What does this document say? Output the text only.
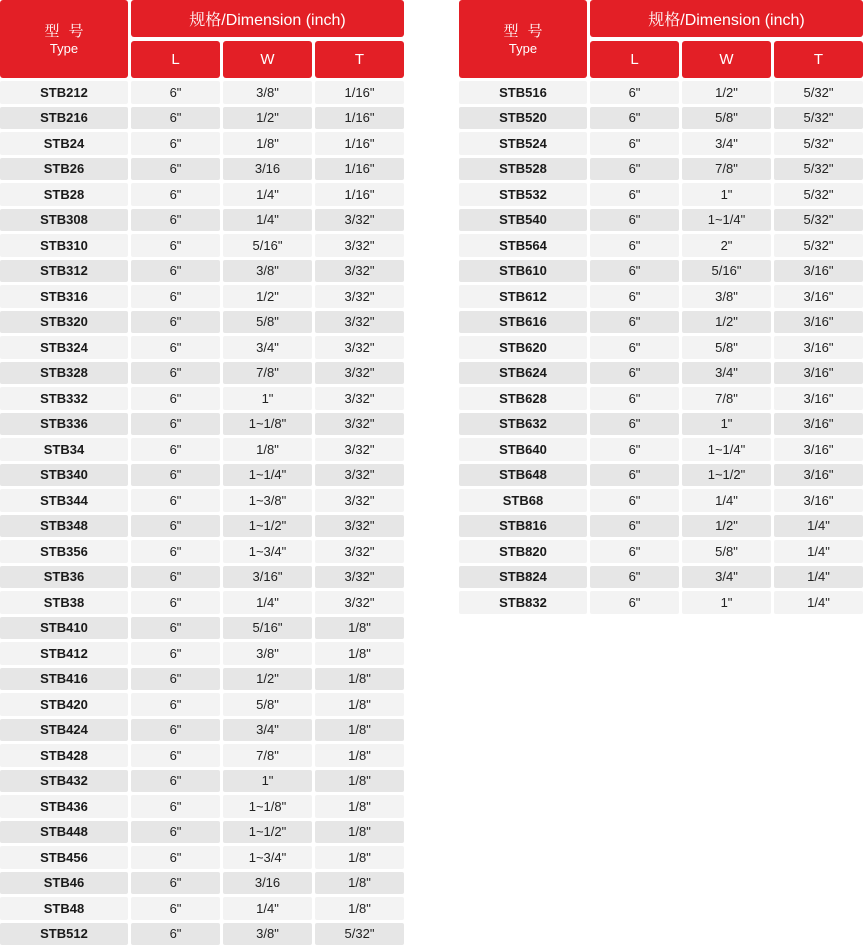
型号
Type
规格/Dimension (inch)
L	W	T
STB212	6"	3/8"	1/16"
STB216	6"	1/2"	1/16"
STB24	6"	1/8"	1/16"
STB26	6"	3/16	1/16"
STB28	6"	1/4"	1/16"
STB308	6"	1/4"	3/32"
STB310	6"	5/16"	3/32"
STB312	6"	3/8"	3/32"
STB316	6"	1/2"	3/32"
STB320	6"	5/8"	3/32"
STB324	6"	3/4"	3/32"
STB328	6"	7/8"	3/32"
STB332	6"	1"	3/32"
STB336	6"	1~1/8"	3/32"
STB34	6"	1/8"	3/32"
STB340	6"	1~1/4"	3/32"
STB344	6"	1~3/8"	3/32"
STB348	6"	1~1/2"	3/32"
STB356	6"	1~3/4"	3/32"
STB36	6"	3/16"	3/32"
STB38	6"	1/4"	3/32"
STB410	6"	5/16"	1/8"
STB412	6"	3/8"	1/8"
STB416	6"	1/2"	1/8"
STB420	6"	5/8"	1/8"
STB424	6"	3/4"	1/8"
STB428	6"	7/8"	1/8"
STB432	6"	1"	1/8"
STB436	6"	1~1/8"	1/8"
STB448	6"	1~1/2"	1/8"
STB456	6"	1~3/4"	1/8"
STB46	6"	3/16	1/8"
STB48	6"	1/4"	1/8"
STB512	6"	3/8"	5/32"
型号
Type
规格/Dimension (inch)
L	W	T
STB516	6"	1/2"	5/32"
STB520	6"	5/8"	5/32"
STB524	6"	3/4"	5/32"
STB528	6"	7/8"	5/32"
STB532	6"	1"	5/32"
STB540	6"	1~1/4"	5/32"
STB564	6"	2"	5/32"
STB610	6"	5/16"	3/16"
STB612	6"	3/8"	3/16"
STB616	6"	1/2"	3/16"
STB620	6"	5/8"	3/16"
STB624	6"	3/4"	3/16"
STB628	6"	7/8"	3/16"
STB632	6"	1"	3/16"
STB640	6"	1~1/4"	3/16"
STB648	6"	1~1/2"	3/16"
STB68	6"	1/4"	3/16"
STB816	6"	1/2"	1/4"
STB820	6"	5/8"	1/4"
STB824	6"	3/4"	1/4"
STB832	6"	1"	1/4"
